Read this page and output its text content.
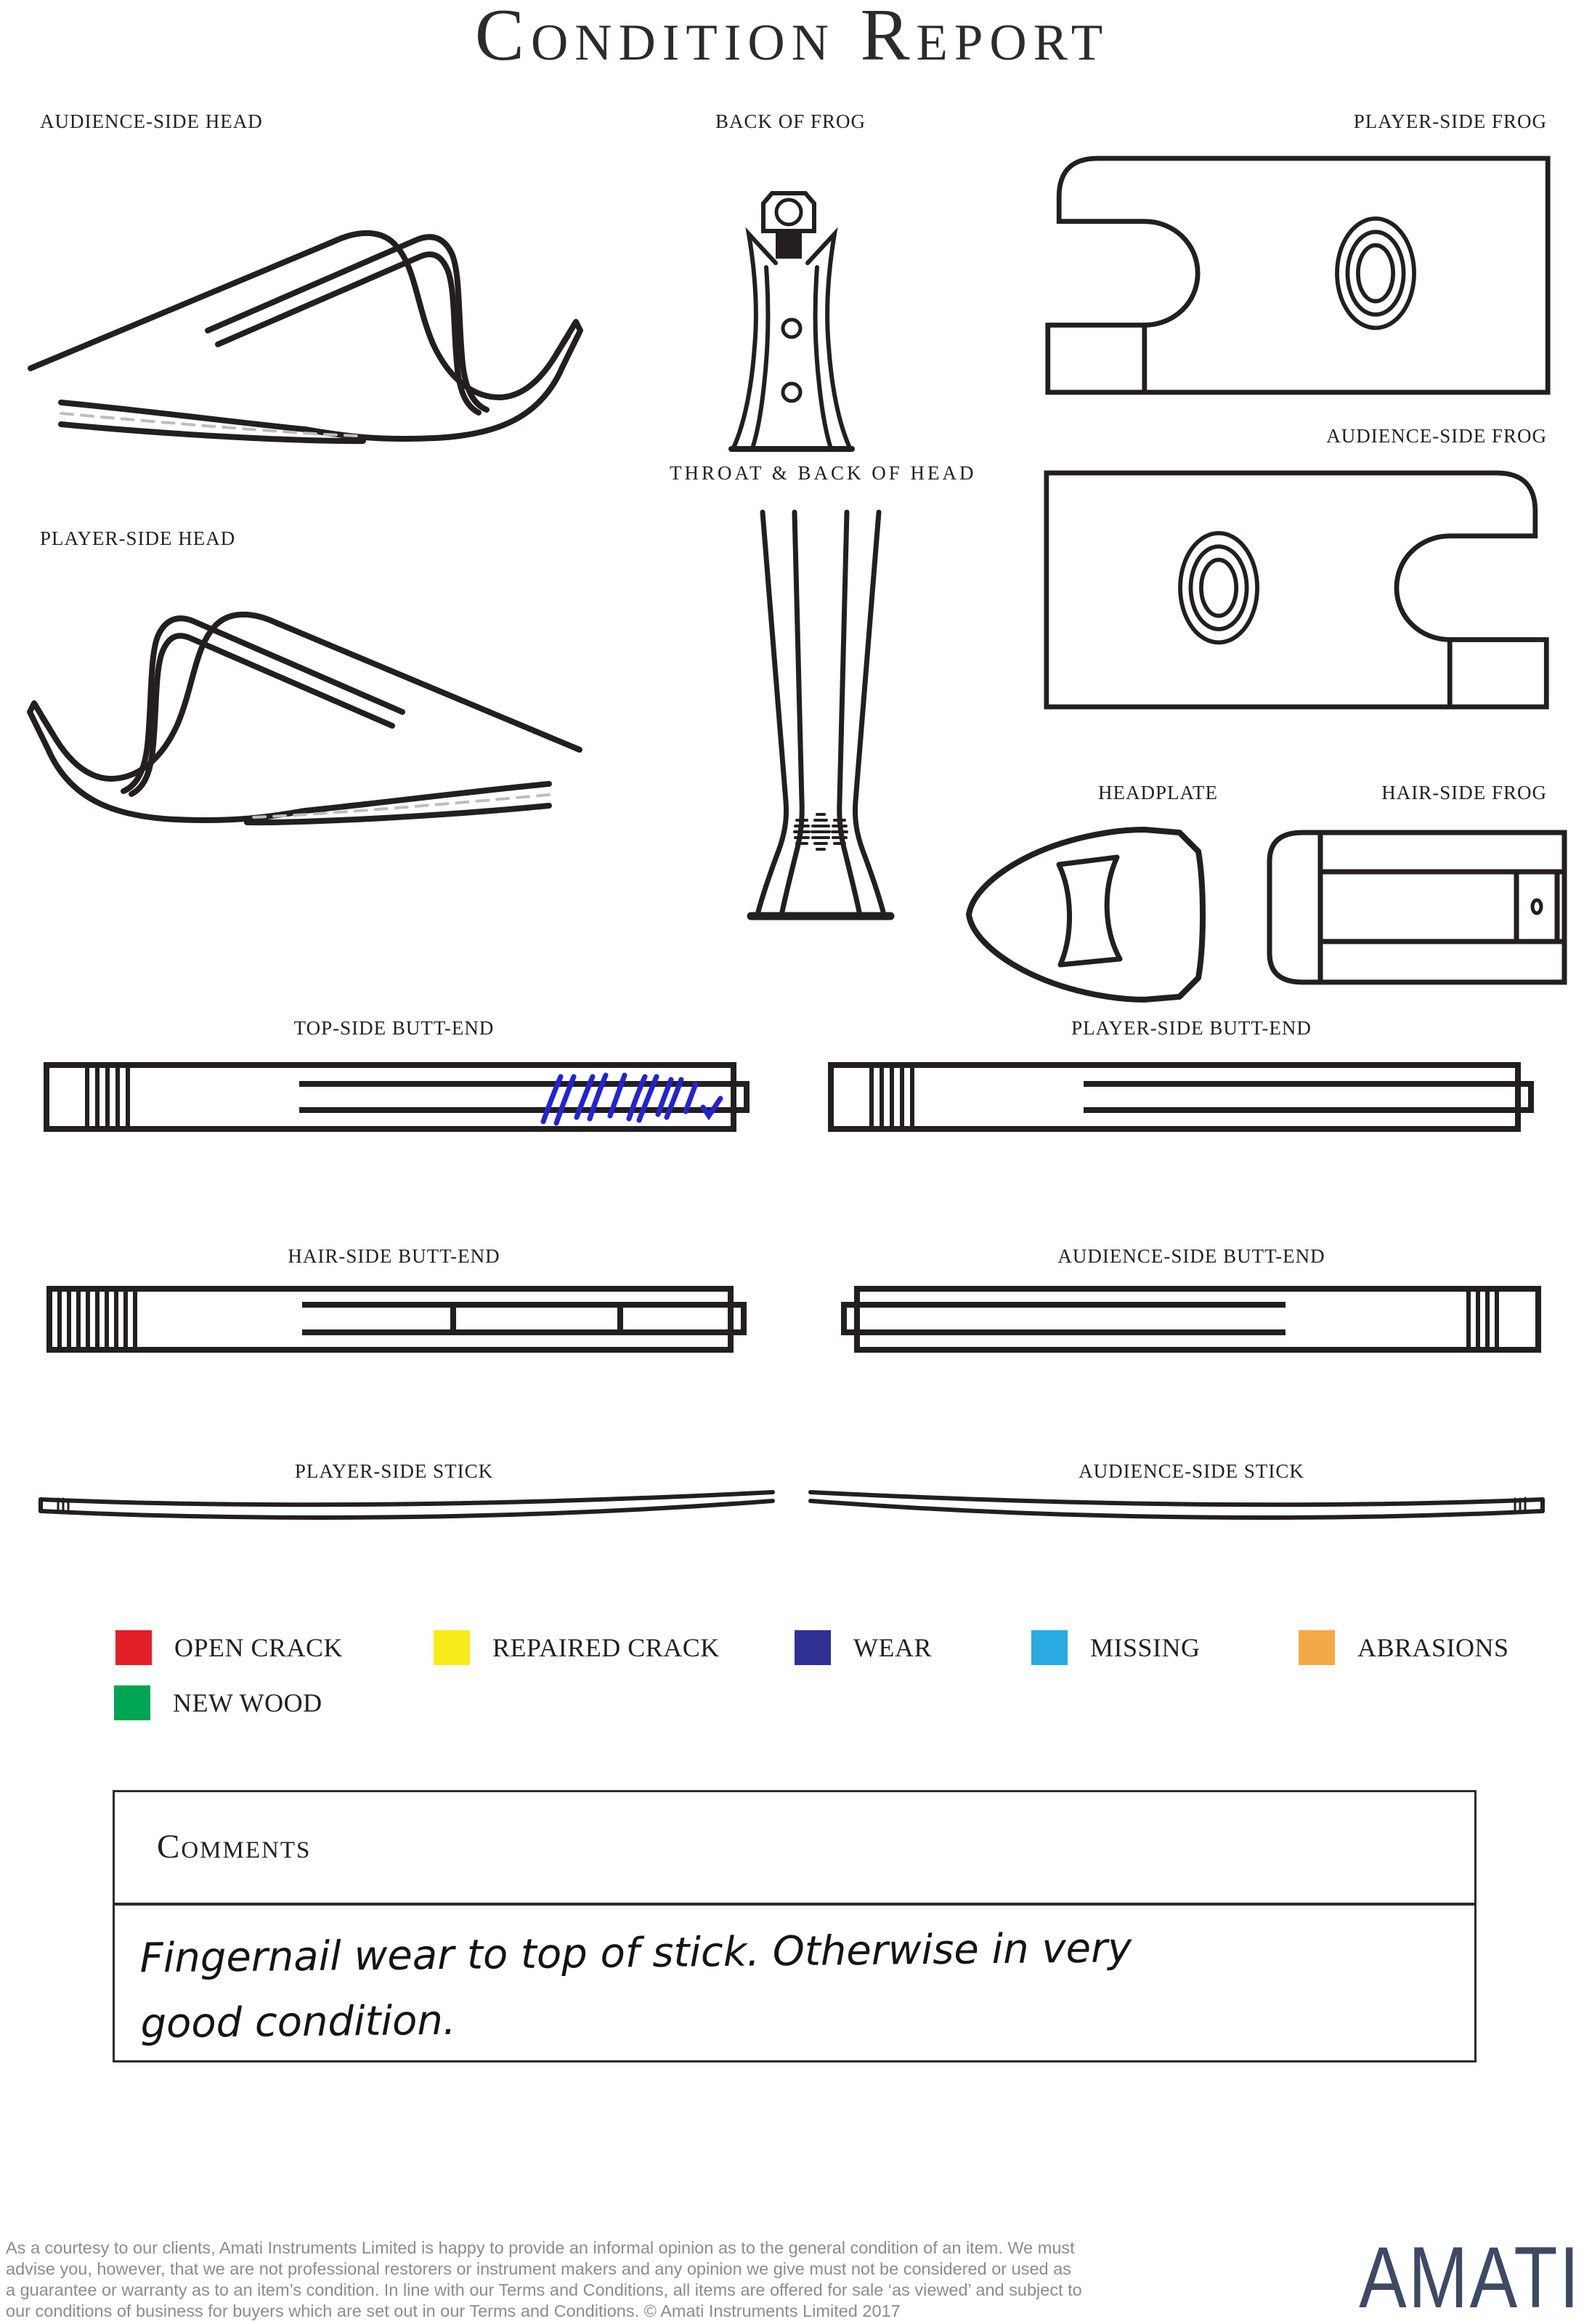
Condition Report
AUDIENCE-SIDE HEAD	BACK OF FROG	PLAYER-SIDE FROG
AUDIENCE-SIDE FROG
PLAYER-SIDE HEAD
THROAT & BACK OF HEAD
HEADPLATE	HAIR-SIDE FROG
TOP-SIDE BUTT-END	PLAYER-SIDE BUTT-END
HAIR-SIDE BUTT-END	AUDIENCE-SIDE BUTT-END
PLAYER-SIDE STICK	AUDIENCE-SIDE STICK
OPEN CRACK	REPAIRED CRACK	WEAR	MISSING	ABRASIONS
NEW WOOD
Comments
Fingernail wear to top of stick. Otherwise in very
good condition.
As a courtesy to our clients, Amati Instruments Limited is happy to provide an informal opinion as to the general condition of an item. We must
advise you, however, that we are not professional restorers or instrument makers and any opinion we give must not be considered or used as
a guarantee or warranty as to an item’s condition. In line with our Terms and Conditions, all items are offered for sale ‘as viewed’ and subject to
our conditions of business for buyers which are set out in our Terms and Conditions. © Amati Instruments Limited 2017	AMATI
